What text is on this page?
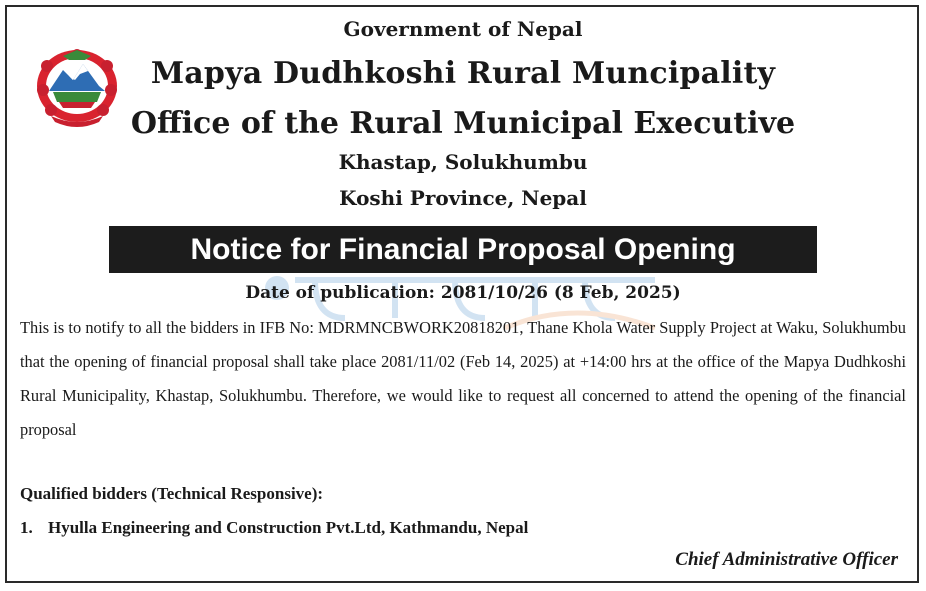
Government of Nepal
Mapya Dudhkoshi Rural Muncipality
Office of the Rural Municipal Executive
Khastap, Solukhumbu
Koshi Province, Nepal
Notice for Financial Proposal Opening
Date of publication: 2081/10/26 (8 Feb, 2025)
This is to notify to all the bidders in IFB No: MDRMNCBWORK20818201, Thane Khola Water Supply Project at Waku, Solukhumbu that the opening of financial proposal shall take place 2081/11/02 (Feb 14, 2025) at +14:00 hrs at the office of the Mapya Dudhkoshi Rural Municipality, Khastap, Solukhumbu. Therefore, we would like to request all concerned to attend the opening of the financial proposal
Qualified bidders (Technical Responsive):
1. Hyulla Engineering and Construction Pvt.Ltd, Kathmandu, Nepal
Chief Administrative Officer
